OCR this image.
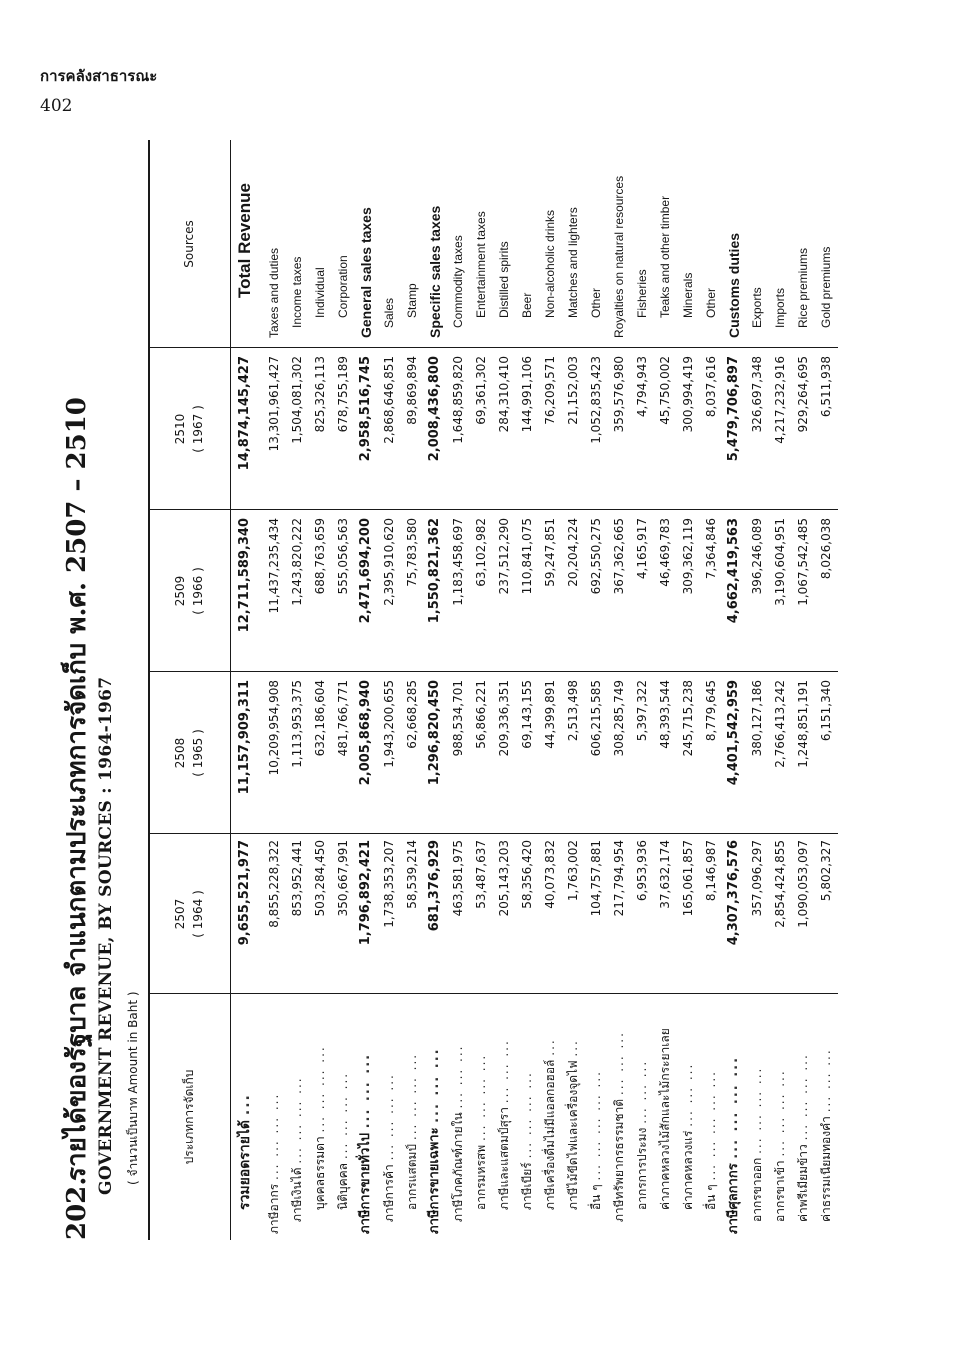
การคลังสาธารณะ
402
202. รายได้ของรัฐบาล จำแนกตามประเภทการจัดเก็บ พ.ศ. 2507 – 2510 GOVERNMENT REVENUE, BY SOURCES : 1964-1967 ( จำนวนเป็นบาท Amount in Baht )	ประเภทการจัดเก็บ
2507 ( 1964 )
2508 ( 1965 )
2509 ( 1966 )
2510 ( 1967 )
Sources
รวมยอดรายได้ ...
9,655,521,977
11,157,909,311
12,711,589,340
14,874,145,427
Total Revenue
ภาษีอากร ... ... ... ...
8,855,228,322
10,209,954,908
11,437,235,434
13,301,961,427
Taxes and duties
ภาษีเงินได้ ... ... ... ...
853,952,441
1,113,953,375
1,243,820,222
1,504,081,302
Income taxes
บุคคลธรรมดา ... ... ... ...
503,284,450
632,186,604
688,763,659
825,326,113
Individual
นิติบุคคล ... ... ... ...
350,667,991
481,766,771
555,056,563
678,755,189
Corporation
ภาษีการขายทั่วไป ... ... ...
1,796,892,421
2,005,868,940
2,471,694,200
2,958,516,745
General sales taxes
ภาษีการค้า ... ... ... ...
1,738,353,207
1,943,200,655
2,395,910,620
2,868,646,851
Sales
อากรแสตมป์ ... ... ... ...
58,539,214
62,668,285
75,783,580
89,869,894
Stamp
ภาษีการขายเฉพาะ ... ... ...
681,376,929
1,296,820,450
1,550,821,362
2,008,436,800
Specific sales taxes
ภาษีโภคภัณฑ์ภายใน ... ... ...
463,581,975
988,534,701
1,183,458,697
1,648,859,820
Commodity taxes
อากรมหรสพ ... ... ... ...
53,487,637
56,866,221
63,102,982
69,361,302
Entertainment taxes
ภาษีและแสตมป์สุรา ... ... ...
205,143,203
209,336,351
237,512,290
284,310,410
Distilled spirits
ภาษีเบียร์ ... ... ... ...
58,356,420
69,143,155
110,841,075
144,991,106
Beer
ภาษีเครื่องดื่มไม่มีแอลกอฮอล์ ...
40,073,832
44,399,891
59,247,851
76,209,571
Non-alcoholic drinks
ภาษีไม้ขีดไฟและเครื่องจุดไฟ ...
1,763,002
2,513,498
20,204,224
21,152,003
Matches and lighters
อื่น ๆ ... ... ... ... ...
104,757,881
606,215,585
692,550,275
1,052,835,423
Other
ภาษีทรัพยากรธรรมชาติ ... ... ...
217,794,954
308,285,749
367,362,665
359,576,980
Royalties on natural resources
อากรการประมง ... ... ...
6,953,936
5,397,322
4,165,917
4,794,943
Fisheries
ค่าภาคหลวงไม้สักและไม้กระยาเลย
37,632,174
48,393,544
46,469,783
45,750,002
Teaks and other timber
ค่าภาคหลวงแร่ ... ... ...
165,061,857
245,715,238
309,362,119
300,994,419
Minerals
อื่น ๆ ... ... ... ... ...
8,146,987
8,779,645
7,364,846
8,037,616
Other
ภาษีศุลกากร ... ... ... ...
4,307,376,576
4,401,542,959
4,662,419,563
5,479,706,897
Customs duties
อากรขาออก ... ... ... ...
357,096,297
380,127,186
396,246,089
326,697,348
Exports
อากรขาเข้า ... ... ... ...
2,854,424,855
2,766,413,242
3,190,604,951
4,217,232,916
Imports
ค่าพรีเมียมข้าว ... ... ... ...
1,090,053,097
1,248,851,191
1,067,542,485
929,264,695
Rice premiums
ค่าธรรมเนียมทองคำ ... ... ...
5,802,327
6,151,340
8,026,038
6,511,938
Gold premiums
